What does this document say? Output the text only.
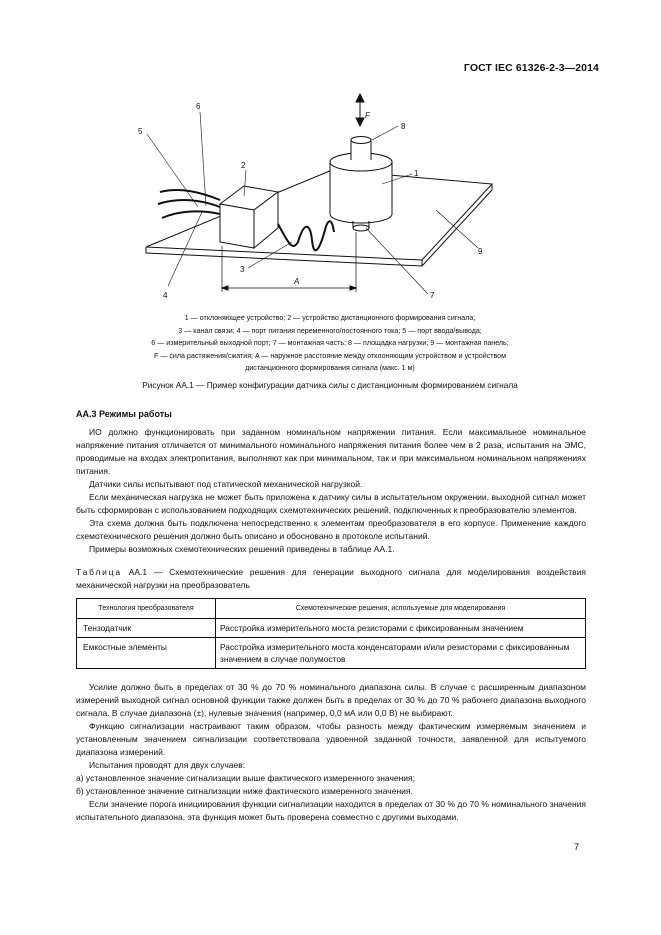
ГОСТ IEC 61326-2-3—2014
5
6
2
1
8
F
3
4
A
7
9
1 — отклоняющее устройство; 2 — устройство дистанционного формирования сигнала;
3 — канал связи; 4 — порт питания переменного/постоянного тока; 5 — порт ввода/вывода;
6 — измерительный выходной порт; 7 — монтажная часть; 8 — площадка нагрузки; 9 — монтажная панель;
F — сила растяжения/сжатия; A — наружное расстояние между отклоняющим устройством и устройством
дистанционного формирования сигнала (макс. 1 м)
Рисунок АА.1 — Пример конфигурации датчика силы с дистанционным формированием сигнала
АА.3 Режимы работы

ИО должно функционировать при заданном номинальном напряжении питания. Если максимальное номинальное напряжение питания отличается от минимального номинального напряжения питания более чем в 2 раза, испытания на ЭМС, проводимые на входах электропитания, выполняют как при минимальном, так и при максимальном номинальном напряжениях питания.

Датчики силы испытывают под статической механической нагрузкой.

Если механическая нагрузка не может быть приложена к датчику силы в испытательном окружении, выходной сигнал может быть сформирован с использованием подходящих схемотехнических решений, подключенных к преобразователю элементов.

Эта схема должна быть подключена непосредственно к элементам преобразователя в его корпусе. Применение каждого схемотехнического решения должно быть описано и обосновано в протоколе испытаний.

Примеры возможных схемотехнических решений приведены в таблице АА.1.

Таблица АА.1 — Схемотехнические решения для генерации выходного сигнала для моделирования воздействия механической нагрузки на преобразователь

Технология преобразователя	Схемотехнические решения, используемые для моделирования
Тензодатчик	Расстройка измерительного моста резисторами с фиксированным значением
Емкостные элементы	Расстройка измерительного моста конденсаторами и/или резисторами с фиксированным значением в случае полумостов

Усилие должно быть в пределах от 30 % до 70 % номинального диапазона силы. В случае с расширенным диапазоном измерений выходной сигнал основной функции также должен быть в пределах от 30 % до 70 % рабочего диапазона выходного сигнала. В случае диапазона (±), нулевые значения (например, 0,0 мА или 0,0 В) не выбирают.

Функцию сигнализации настраивают таким образом, чтобы разность между фактическим измеряемым значением и установленным значением сигнализации соответствовала удвоенной заданной точности, заявленной для испытуемого диапазона измерений.

Испытания проводят для двух случаев:

а) установленное значение сигнализации выше фактического измеренного значения;

б) установленное значение сигнализации ниже фактического измеренного значения.

Если значение порога инициирования функции сигнализации находится в пределах от 30 % до 70 % номинального значения испытательного диапазона, эта функция может быть проверена совместно с другими выходами.

7
